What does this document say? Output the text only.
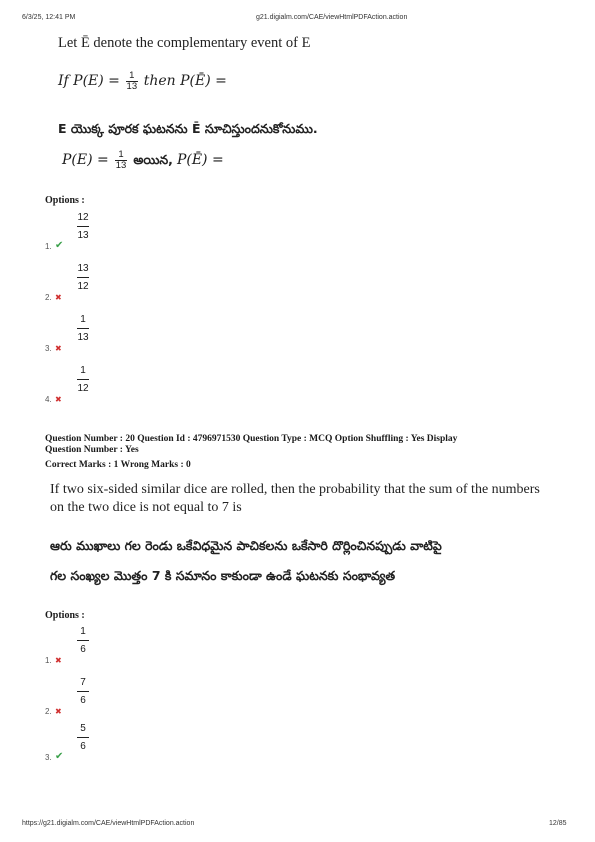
6/3/25, 12:41 PM	g21.digialm.com/CAE/viewHtmlPDFAction.action
Let Ē denote the complementary event of E
If $P(E) = \frac{1}{13}$ then P(Ē) =
E యొక్క పూరక ఘటనను Ē సూచిస్తుందనుకోనుము.
$P(E) = \frac{1}{13}$ అయిన, P(Ē) =
Options :
12
13
1. ✔
13
12
2. ✖
1
13
3. ✖
1
12
4. ✖
Question Number : 20 Question Id : 4796971530 Question Type : MCQ Option Shuffling : Yes Display
Question Number : Yes
Correct Marks : 1 Wrong Marks : 0
If two six-sided similar dice are rolled, then the probability that the sum of the numbers on the two dice is not equal to 7 is
ఆరు ముఖాలు గల రెండు ఒకేవిధమైన పాచికలను ఒకేసారి దొర్లించినప్పుడు వాటిపై
గల సంఖ్యల మొత్తం 7 కి సమానం కాకుండా ఉండే ఘటనకు సంభావ్యత
Options :
1
6
1. ✖
7
6
2. ✖
5
6
3. ✔
https://g21.digialm.com/CAE/viewHtmlPDFAction.action	12/85
